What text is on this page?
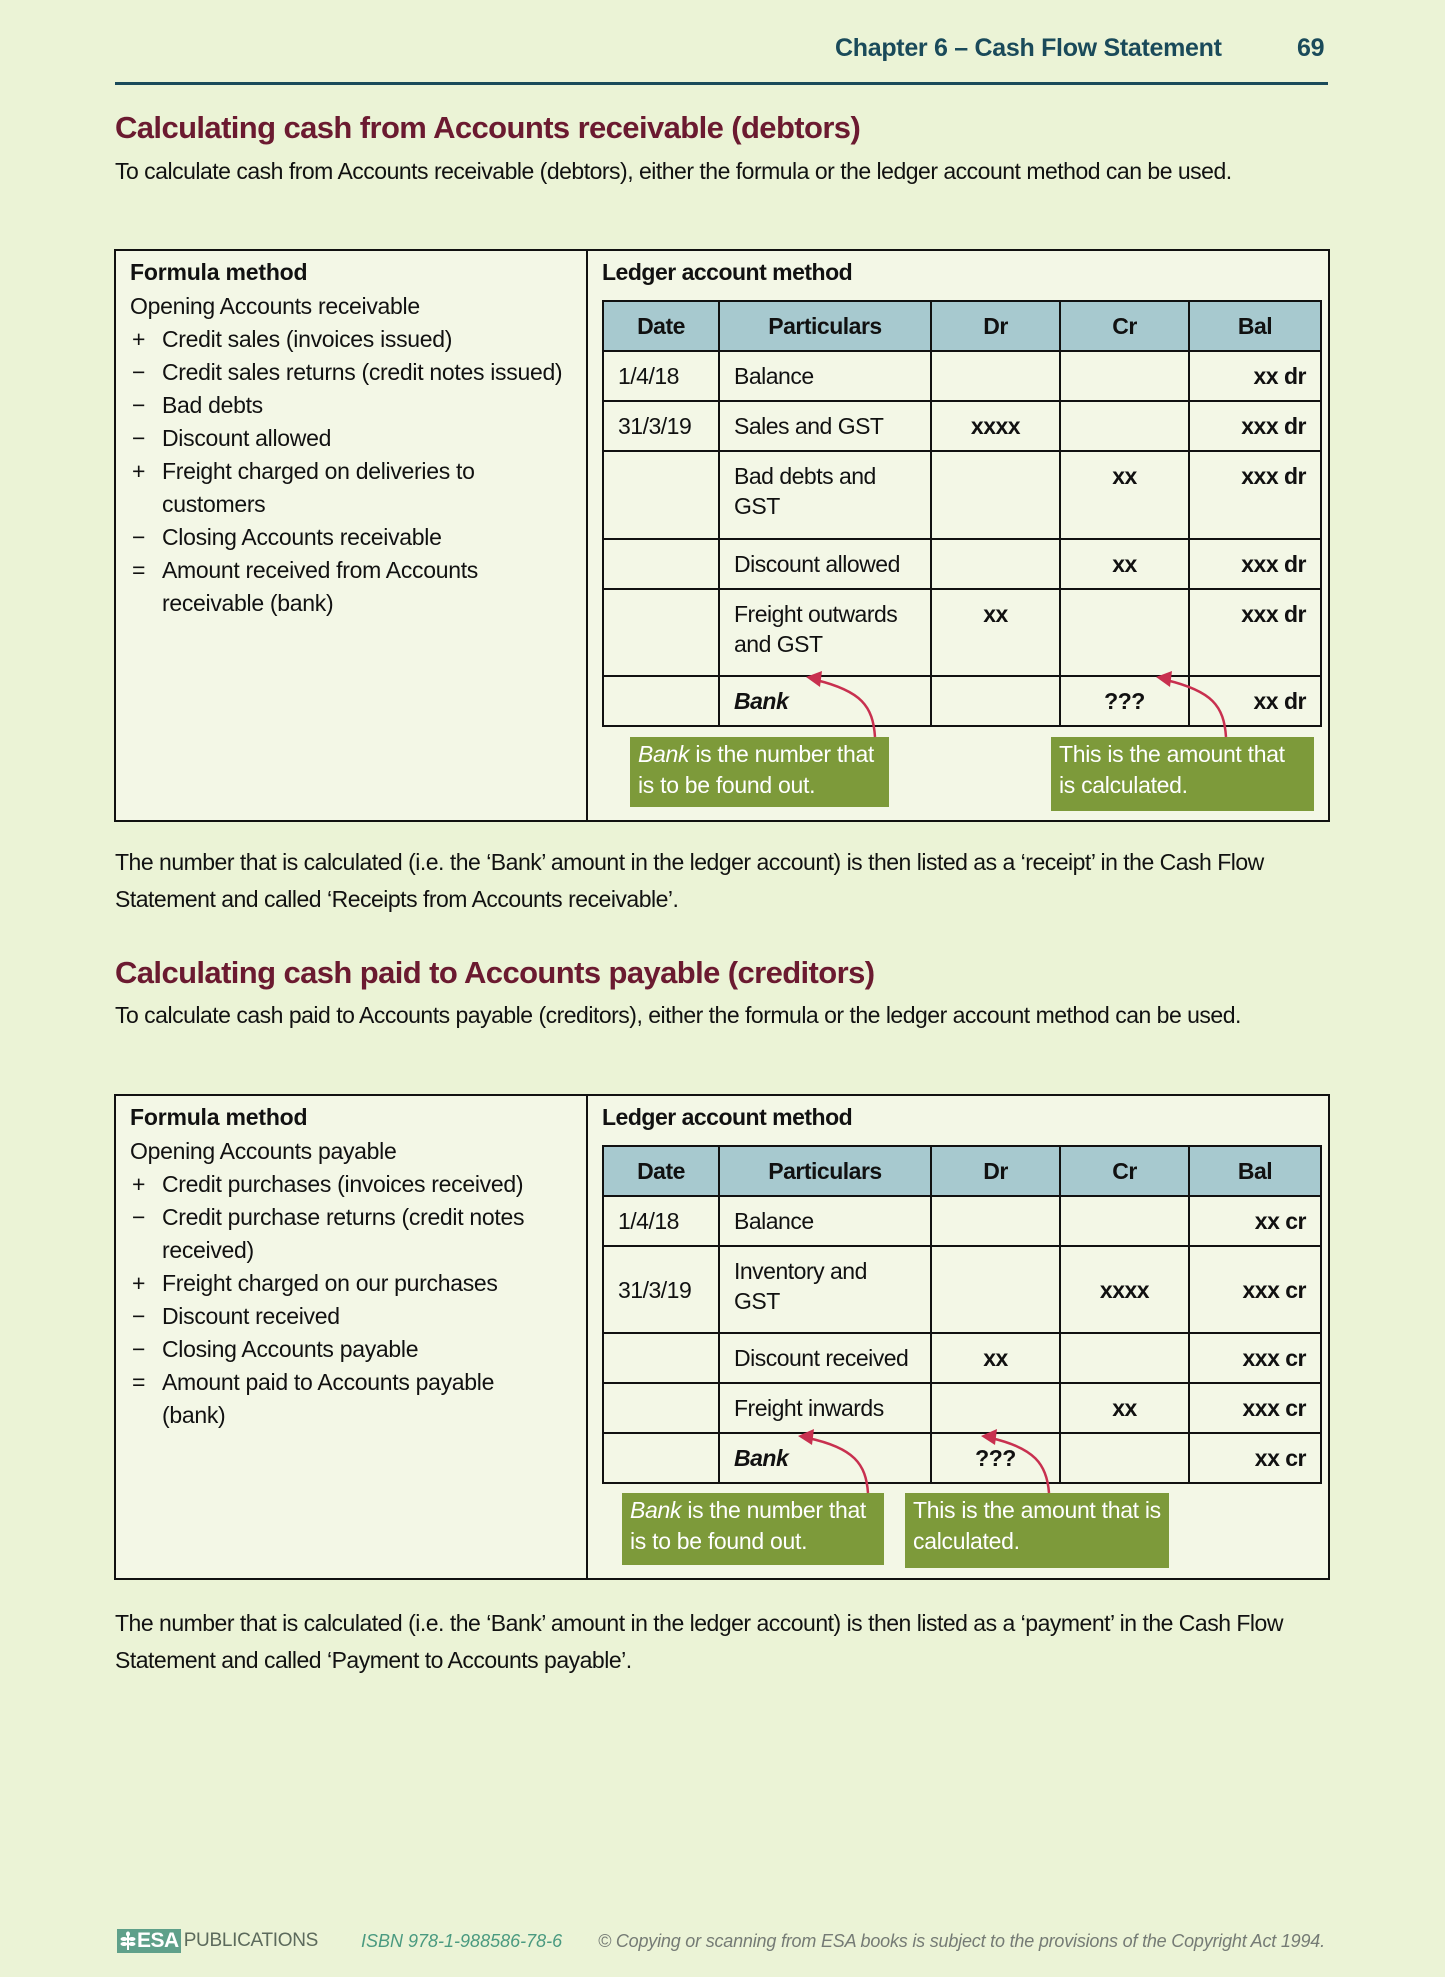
Chapter 6 – Cash Flow Statement	69
Calculating cash from Accounts receivable (debtors)
To calculate cash from Accounts receivable (debtors), either the formula or the ledger account method can be used.
Formula method
Opening Accounts receivable
+ Credit sales (invoices issued)
− Credit sales returns (credit notes issued)
− Bad debts
− Discount allowed
+ Freight charged on deliveries to customers
− Closing Accounts receivable
= Amount received from Accounts receivable (bank)
Ledger account method
Date	Particulars	Dr	Cr	Bal
1/4/18	Balance			xx dr
31/3/19	Sales and GST	xxxx		xxx dr
	Bad debts and GST		xx	xxx dr
	Discount allowed		xx	xxx dr
	Freight outwards and GST	xx		xxx dr
	Bank		???	xx dr
Bank is the number that is to be found out.
This is the amount that is calculated.
The number that is calculated (i.e. the ‘Bank’ amount in the ledger account) is then listed as a ‘receipt’ in the Cash Flow Statement and called ‘Receipts from Accounts receivable’.
Calculating cash paid to Accounts payable (creditors)
To calculate cash paid to Accounts payable (creditors), either the formula or the ledger account method can be used.
Formula method
Opening Accounts payable
+ Credit purchases (invoices received)
− Credit purchase returns (credit notes received)
+ Freight charged on our purchases
− Discount received
− Closing Accounts payable
= Amount paid to Accounts payable (bank)
Ledger account method
Date	Particulars	Dr	Cr	Bal
1/4/18	Balance			xx cr
31/3/19	Inventory and GST		xxxx	xxx cr
	Discount received	xx		xxx cr
	Freight inwards		xx	xxx cr
	Bank	???		xx cr
Bank is the number that is to be found out.
This is the amount that is calculated.
The number that is calculated (i.e. the ‘Bank’ amount in the ledger account) is then listed as a ‘payment’ in the Cash Flow Statement and called ‘Payment to Accounts payable’.
ESA PUBLICATIONS ISBN 978-1-988586-78-6 © Copying or scanning from ESA books is subject to the provisions of the Copyright Act 1994.
